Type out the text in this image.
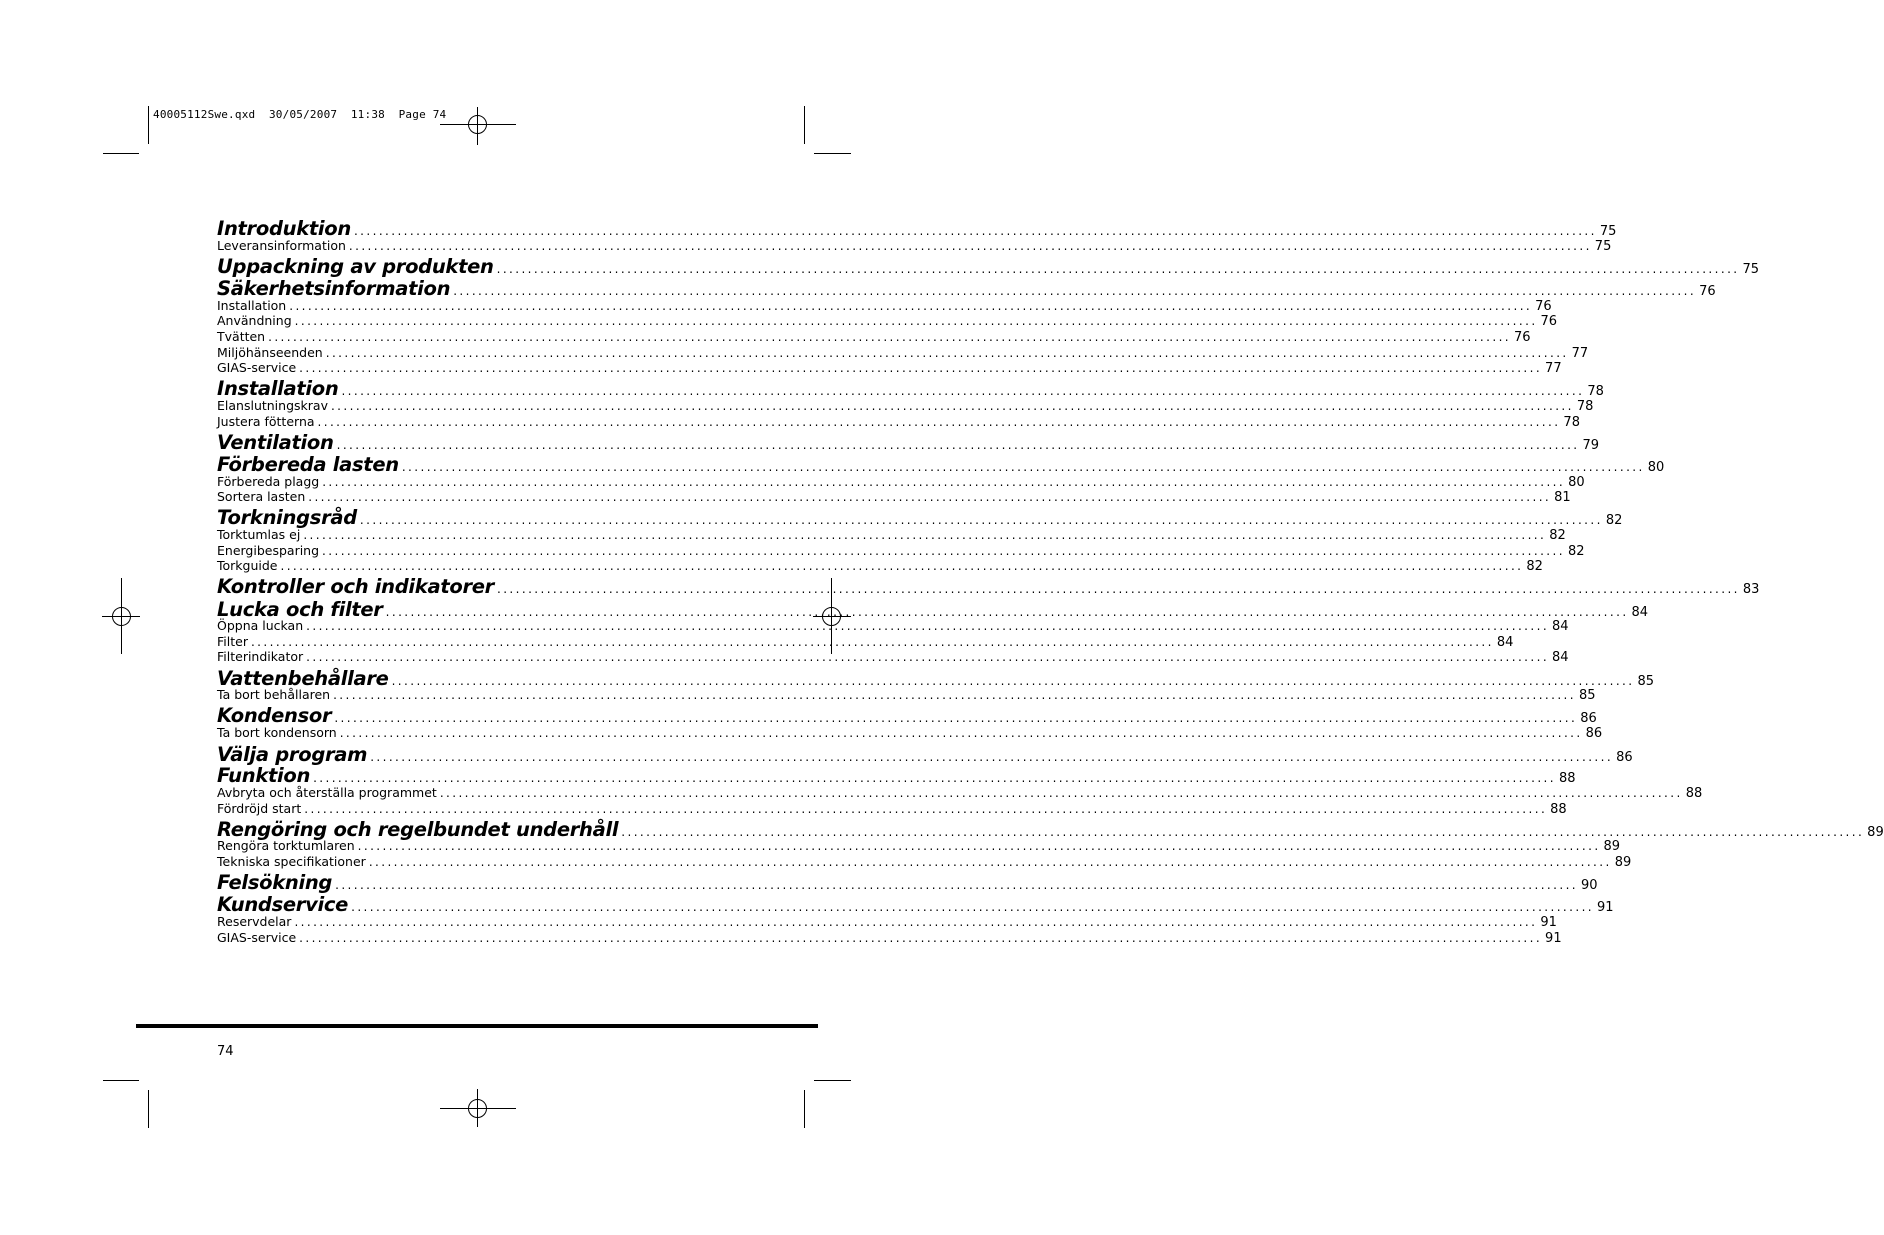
40005112Swe.qxd  30/05/2007  11:38  Page 74
Introduktion ........................................................................................................................................................................................................ 75
Leveransinformation ........................................................................................................................................................................................................ 75
Uppackning av produkten ........................................................................................................................................................................................................ 75
Säkerhetsinformation ........................................................................................................................................................................................................ 76
Installation ........................................................................................................................................................................................................ 76
Användning ........................................................................................................................................................................................................ 76
Tvätten ........................................................................................................................................................................................................ 76
Miljöhänseenden ........................................................................................................................................................................................................ 77
GIAS-service ........................................................................................................................................................................................................ 77
Installation ........................................................................................................................................................................................................ 78
Elanslutningskrav ........................................................................................................................................................................................................ 78
Justera fötterna ........................................................................................................................................................................................................ 78
Ventilation ........................................................................................................................................................................................................ 79
Förbereda lasten ........................................................................................................................................................................................................ 80
Förbereda plagg ........................................................................................................................................................................................................ 80
Sortera lasten ........................................................................................................................................................................................................ 81
Torkningsråd ........................................................................................................................................................................................................ 82
Torktumlas ej ........................................................................................................................................................................................................ 82
Energibesparing ........................................................................................................................................................................................................ 82
Torkguide ........................................................................................................................................................................................................ 82
Kontroller och indikatorer ........................................................................................................................................................................................................ 83
Lucka och filter ........................................................................................................................................................................................................ 84
Öppna luckan ........................................................................................................................................................................................................ 84
Filter ........................................................................................................................................................................................................ 84
Filterindikator ........................................................................................................................................................................................................ 84
Vattenbehållare ........................................................................................................................................................................................................ 85
Ta bort behållaren ........................................................................................................................................................................................................ 85
Kondensor ........................................................................................................................................................................................................ 86
Ta bort kondensorn ........................................................................................................................................................................................................ 86
Välja program ........................................................................................................................................................................................................ 86
Funktion ........................................................................................................................................................................................................ 88
Avbryta och återställa programmet ........................................................................................................................................................................................................ 88
Fördröjd start ........................................................................................................................................................................................................ 88
Rengöring och regelbundet underhåll ........................................................................................................................................................................................................ 89
Rengöra torktumlaren ........................................................................................................................................................................................................ 89
Tekniska specifikationer ........................................................................................................................................................................................................ 89
Felsökning ........................................................................................................................................................................................................ 90
Kundservice ........................................................................................................................................................................................................ 91
Reservdelar ........................................................................................................................................................................................................ 91
GIAS-service ........................................................................................................................................................................................................ 91
74
